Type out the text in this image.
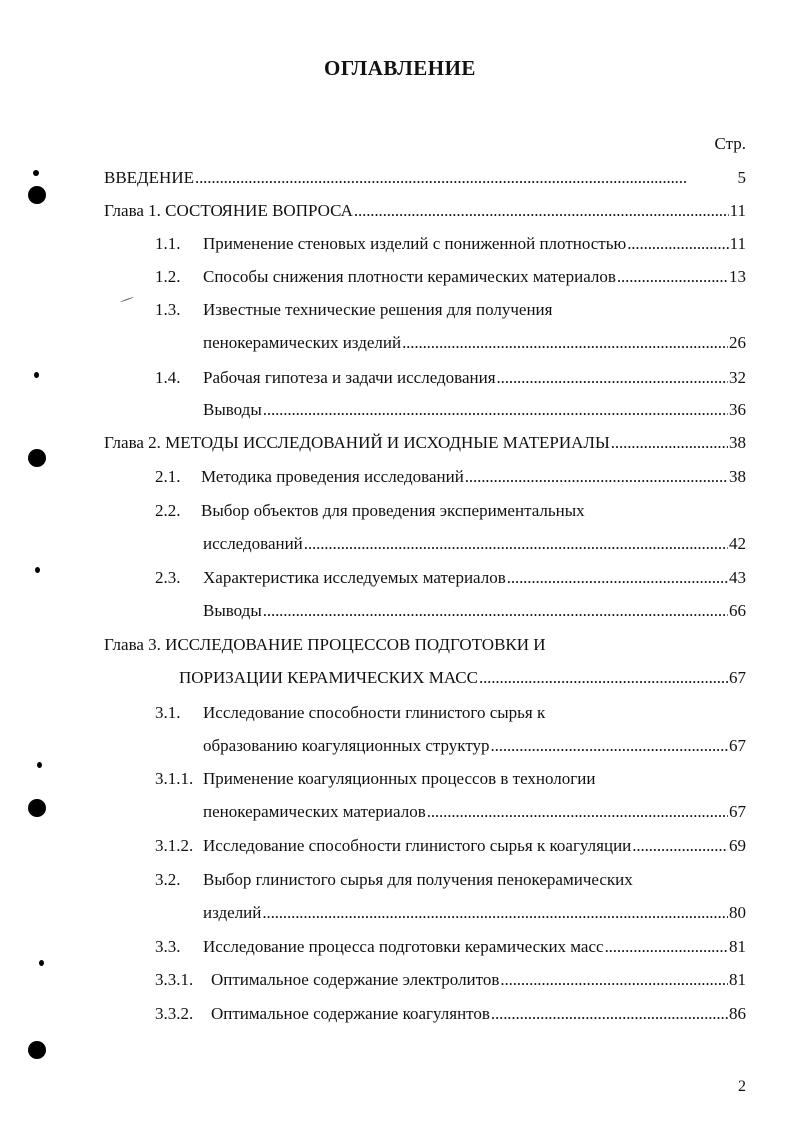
ОГЛАВЛЕНИЕ
Стр.
ВВЕДЕНИЕ . . .	5
Глава 1. СОСТОЯНИЕ ВОПРОСА . . .	11
1.1.	Применение стеновых изделий с пониженной плотностью . . .	11
1.2.	Способы снижения плотности керамических материалов . . .	13
1.3.	Известные технические решения для получения
пенокерамических изделий . . .	26
1.4.	Рабочая гипотеза и задачи исследования . . .	32
Выводы . . .	36
Глава 2. МЕТОДЫ ИССЛЕДОВАНИЙ И ИСХОДНЫЕ МАТЕРИАЛЫ . . .	38
2.1.	Методика проведения исследований . . .	38
2.2.	Выбор объектов для проведения экспериментальных
исследований . . .	42
2.3.	Характеристика исследуемых материалов . . .	43
Выводы . . .	66
Глава 3. ИССЛЕДОВАНИЕ ПРОЦЕССОВ ПОДГОТОВКИ И
ПОРИЗАЦИИ КЕРАМИЧЕСКИХ МАСС . . .	67
3.1.	Исследование способности глинистого сырья к
образованию коагуляционных структур . . .	67
3.1.1. Применение коагуляционных процессов в технологии
пенокерамических материалов . . .	67
3.1.2. Исследование способности глинистого сырья к коагуляции . . .	69
3.2.	Выбор глинистого сырья для получения пенокерамических
изделий . . .	80
3.3.	Исследование процесса подготовки керамических масс . . .	81
3.3.1.	Оптимальное содержание электролитов . . .	81
3.3.2.	Оптимальное содержание коагулянтов . . .	86
2
